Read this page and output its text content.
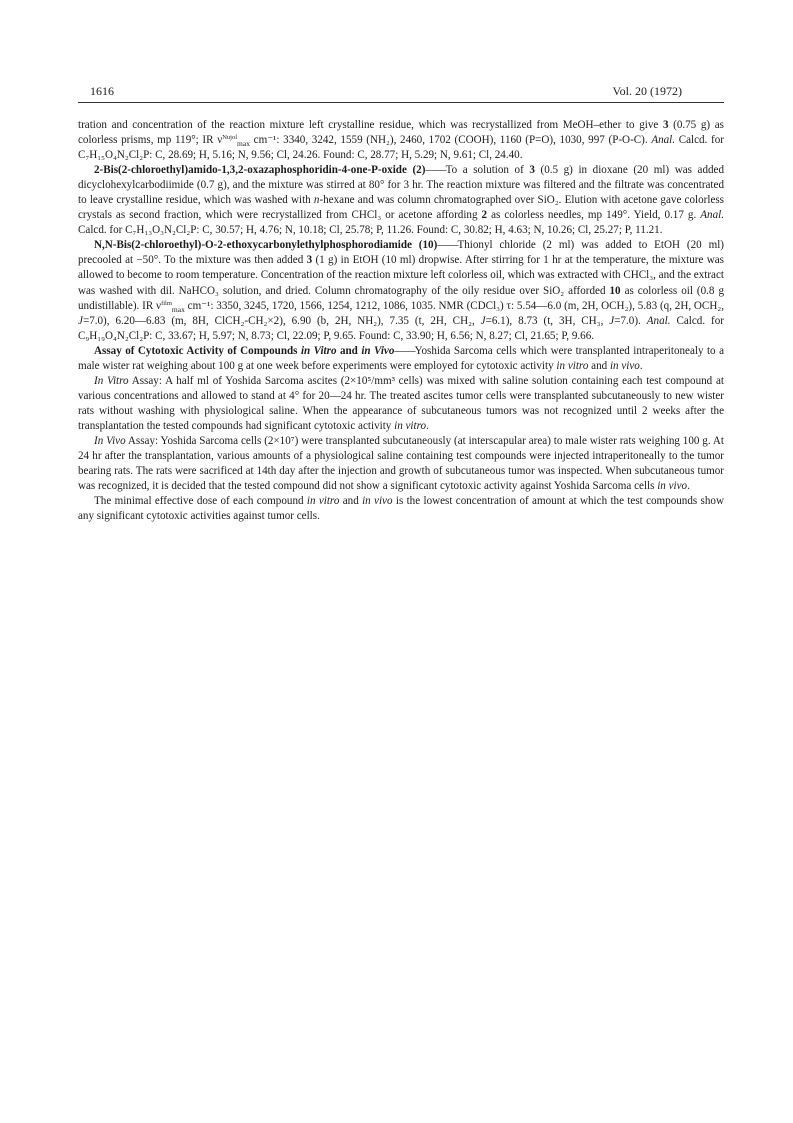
1616	Vol. 20 (1972)

tration and concentration of the reaction mixture left crystalline residue, which was recrystallized from MeOH–ether to give 3 (0.75 g) as colorless prisms, mp 119°; IR $\nu^{Nujol}_{max}$ cm⁻¹: 3340, 3242, 1559 (NH₂), 2460, 1702 (COOH), 1160 (P=O), 1030, 997 (P-O-C). Anal. Calcd. for C₇H₁₅O₄N₂Cl₂P: C, 28.69; H, 5.16; N, 9.56; Cl, 24.26. Found: C, 28.77; H, 5.29; N, 9.61; Cl, 24.40.

2-Bis(2-chloroethyl)amido-1,3,2-oxazaphosphoridin-4-one-P-oxide (2)——To a solution of 3 (0.5 g) in dioxane (20 ml) was added dicyclohexylcarbodiimide (0.7 g), and the mixture was stirred at 80° for 3 hr. The reaction mixture was filtered and the filtrate was concentrated to leave crystalline residue, which was washed with n-hexane and was column chromatographed over SiO₂. Elution with acetone gave colorless crystals as second fraction, which were recrystallized from CHCl₃ or acetone affording 2 as colorless needles, mp 149°. Yield, 0.17 g. Anal. Calcd. for C₇H₁₃O₃N₂Cl₂P: C, 30.57; H, 4.76; N, 10.18; Cl, 25.78; P, 11.26. Found: C, 30.82; H, 4.63; N, 10.26; Cl, 25.27; P, 11.21.

N,N-Bis(2-chloroethyl)-O-2-ethoxycarbonylethylphosphorodiamide (10)——Thionyl chloride (2 ml) was added to EtOH (20 ml) precooled at −50°. To the mixture was then added 3 (1 g) in EtOH (10 ml) dropwise. After stirring for 1 hr at the temperature, the mixture was allowed to become to room temperature. Concentration of the reaction mixture left colorless oil, which was extracted with CHCl₃, and the extract was washed with dil. NaHCO₃ solution, and dried. Column chromatography of the oily residue over SiO₂ afforded 10 as colorless oil (0.8 g undistillable). IR $\nu^{film}_{max}$ cm⁻¹: 3350, 3245, 1720, 1566, 1254, 1212, 1086, 1035. NMR (CDCl₃) τ: 5.54—6.0 (m, 2H, OCH₂), 5.83 (q, 2H, OCH₂, J=7.0), 6.20—6.83 (m, 8H, ClCH₂-CH₂×2), 6.90 (b, 2H, NH₂), 7.35 (t, 2H, CH₂, J=6.1), 8.73 (t, 3H, CH₃, J=7.0). Anal. Calcd. for C₉H₁₉O₄N₂Cl₂P: C, 33.67; H, 5.97; N, 8.73; Cl, 22.09; P, 9.65. Found: C, 33.90; H, 6.56; N, 8.27; Cl, 21.65; P, 9.66.

Assay of Cytotoxic Activity of Compounds in Vitro and in Vivo——Yoshida Sarcoma cells which were transplanted intraperitonealy to a male wister rat weighing about 100 g at one week before experiments were employed for cytotoxic activity in vitro and in vivo.

In Vitro Assay: A half ml of Yoshida Sarcoma ascites (2×10⁵/mm³ cells) was mixed with saline solution containing each test compound at various concentrations and allowed to stand at 4° for 20—24 hr. The treated ascites tumor cells were transplanted subcutaneously to new wister rats without washing with physiological saline. When the appearance of subcutaneous tumors was not recognized until 2 weeks after the transplantation the tested compounds had significant cytotoxic activity in vitro.

In Vivo Assay: Yoshida Sarcoma cells (2×10⁷) were transplanted subcutaneously (at interscapular area) to male wister rats weighing 100 g. At 24 hr after the transplantation, various amounts of a physiological saline containing test compounds were injected intraperitoneally to the tumor bearing rats. The rats were sacrificed at 14th day after the injection and growth of subcutaneous tumor was inspected. When subcutaneous tumor was recognized, it is decided that the tested compound did not show a significant cytotoxic activity against Yoshida Sarcoma cells in vivo.

The minimal effective dose of each compound in vitro and in vivo is the lowest concentration of amount at which the test compounds show any significant cytotoxic activities against tumor cells.
